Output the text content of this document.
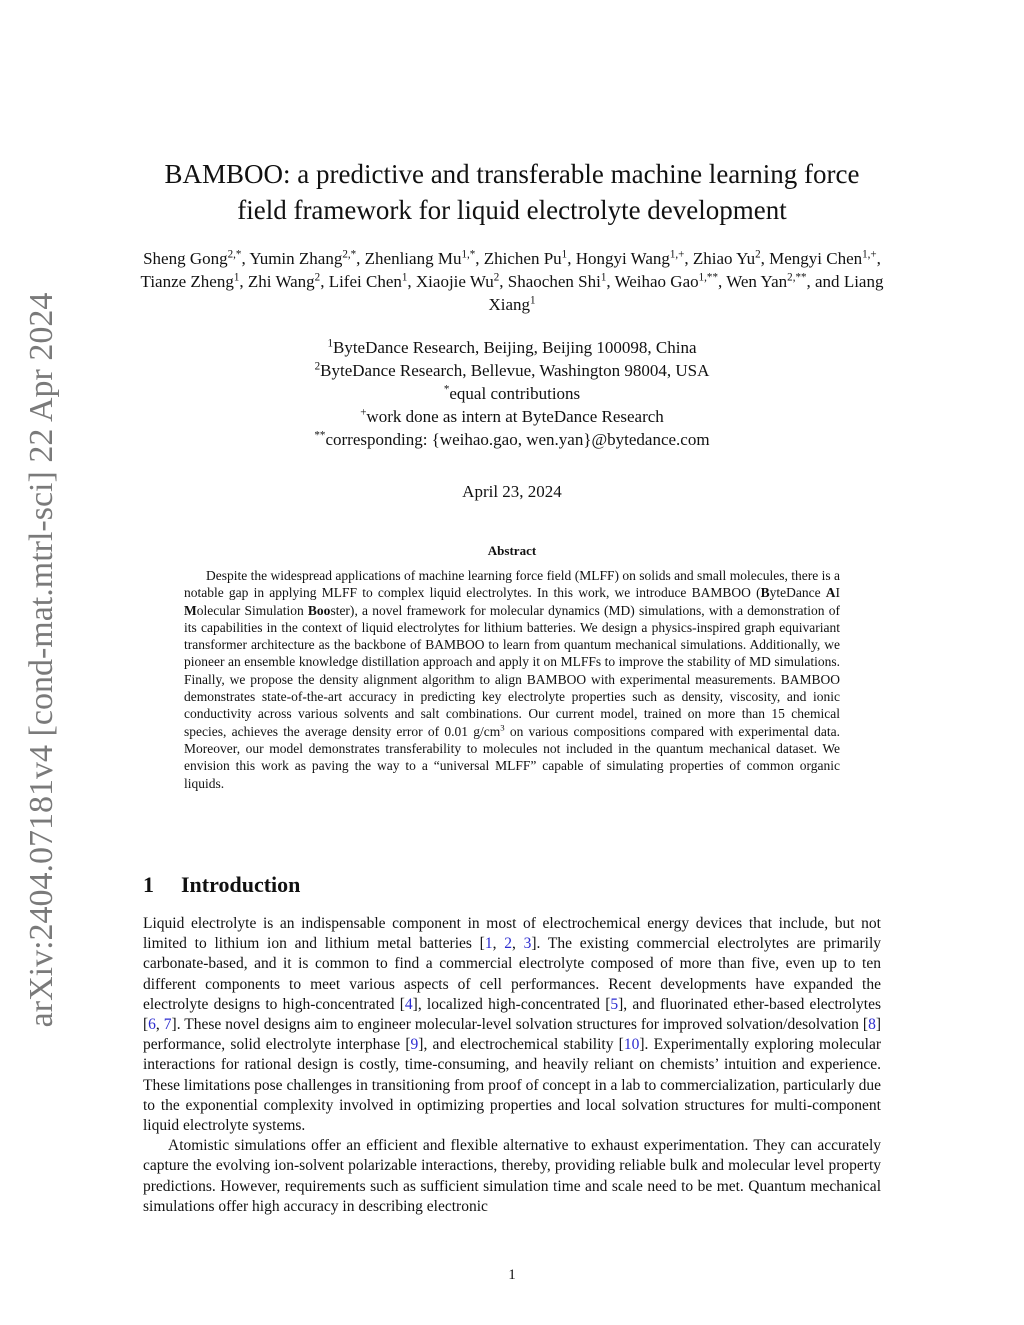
arXiv:2404.07181v4 [cond-mat.mtrl-sci] 22 Apr 2024
BAMBOO: a predictive and transferable machine learning force
field framework for liquid electrolyte development
Sheng Gong$^{2,*}$, Yumin Zhang$^{2,*}$, Zhenliang $Mu^{1,*}$, Zhichen Pu$^1$, Hongyi Wang$^{1,+}$, Zhiao Yu$^2$, Mengyi Chen$^{1,+}$, Tianze Zheng$^1$, Zhi Wang$^2$, Lifei Chen$^1$, Xiaojie Wu$^2$, Shaochen Shi$^1$, Weihao Gao$^{1,**}$, Wen Yan$^{2,**}$, and Liang Xiang$^1$
$^1$ByteDance Research, Beijing, Beijing 100098, China
$^2$ByteDance Research, Bellevue, Washington 98004, USA
*equal contributions
+work done as intern at ByteDance Research
**corresponding: {weihao.gao, wen.yan}@bytedance.com
April 23, 2024
Abstract
Despite the widespread applications of machine learning force field (MLFF) on solids and small molecules, there is a notable gap in applying MLFF to complex liquid electrolytes. In this work, we introduce BAMBOO (ByteDance AI Molecular Simulation Booster), a novel framework for molecular dynamics (MD) simulations, with a demonstration of its capabilities in the context of liquid electrolytes for lithium batteries. We design a physics-inspired graph equivariant transformer architecture as the backbone of BAMBOO to learn from quantum mechanical simulations. Additionally, we pioneer an ensemble knowledge distillation approach and apply it on MLFFs to improve the stability of MD simulations. Finally, we propose the density alignment algorithm to align BAMBOO with experimental measurements. BAMBOO demonstrates state-of-the-art accuracy in predicting key electrolyte properties such as density, viscosity, and ionic conductivity across various solvents and salt combinations. Our current model, trained on more than 15 chemical species, achieves the average density error of 0.01 $g/cm^3$ on various compositions compared with experimental data. Moreover, our model demonstrates transferability to molecules not included in the quantum mechanical dataset. We envision this work as paving the way to a “universal MLFF” capable of simulating properties of common organic liquids.
1 Introduction

Liquid electrolyte is an indispensable component in most of electrochemical energy devices that include, but not limited to lithium ion and lithium metal batteries [1, 2, 3]. The existing commercial electrolytes are primarily carbonate-based, and it is common to find a commercial electrolyte composed of more than five, even up to ten different components to meet various aspects of cell performances. Recent developments have expanded the electrolyte designs to high-concentrated [4], localized high-concentrated [5], and fluorinated ether-based electrolytes [6, 7]. These novel designs aim to engineer molecular-level solvation structures for improved solvation/desolvation [8] performance, solid electrolyte interphase [9], and electrochemical stability [10]. Experimentally exploring molecular interactions for rational design is costly, time-consuming, and heavily reliant on chemists’ intuition and experience. These limitations pose challenges in transitioning from proof of concept in a lab to commercialization, particularly due to the exponential complexity involved in optimizing properties and local solvation structures for multi-component liquid electrolyte systems.

Atomistic simulations offer an efficient and flexible alternative to exhaust experimentation. They can accurately capture the evolving ion-solvent polarizable interactions, thereby, providing reliable bulk and molecular level property predictions. However, requirements such as sufficient simulation time and scale need to be met. Quantum mechanical simulations offer high accuracy in describing electronic

1
